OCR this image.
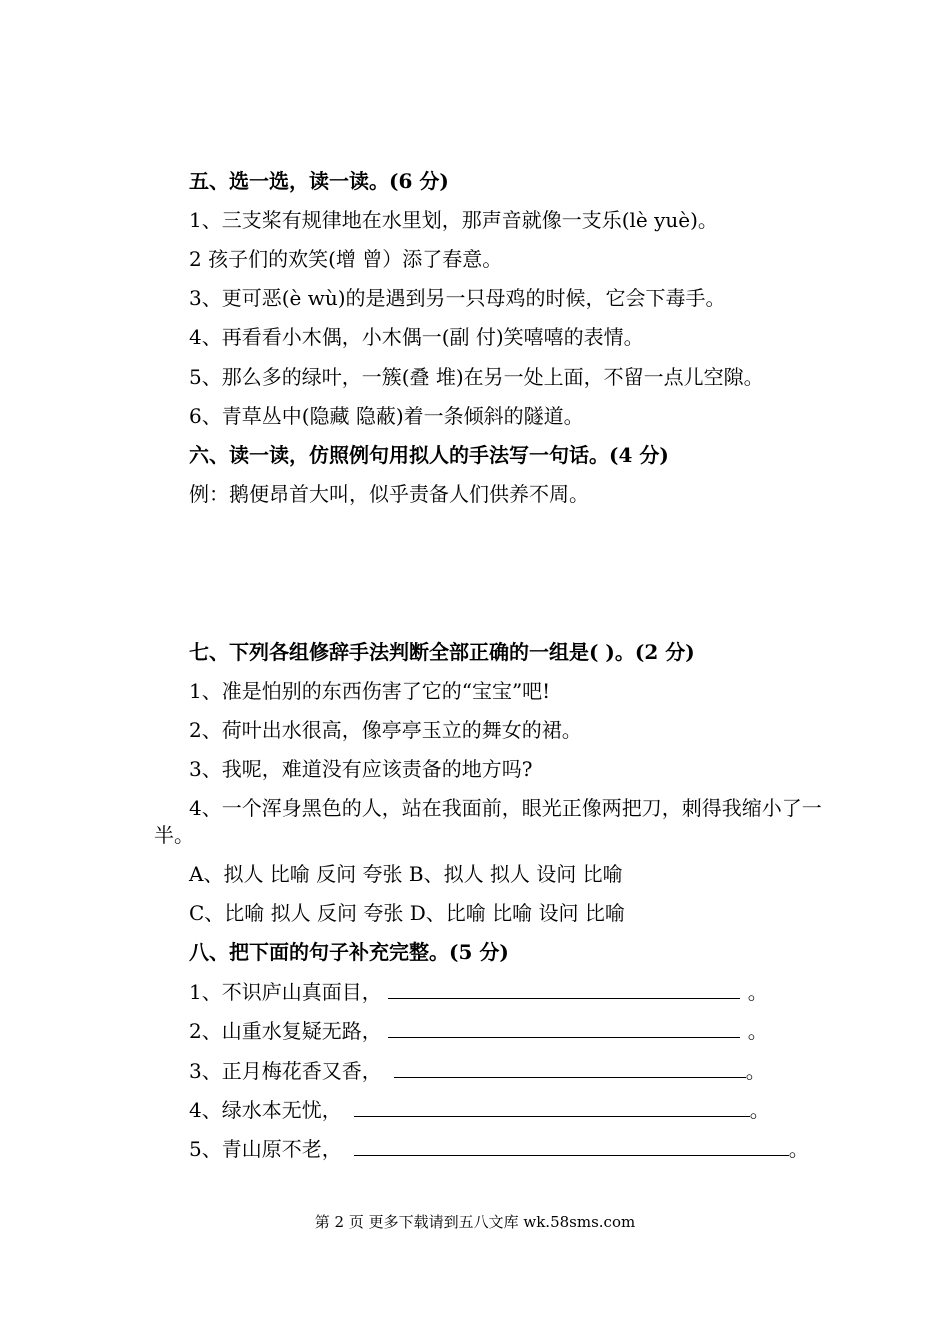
五、选一选，读一读。(6 分)
1、三支桨有规律地在水里划，那声音就像一支乐(lè yuè)。
2 孩子们的欢笑(增 曾）添了春意。
3、更可恶(è wù)的是遇到另一只母鸡的时候，它会下毒手。
4、再看看小木偶，小木偶一(副 付)笑嘻嘻的表情。
5、那么多的绿叶，一簇(叠 堆)在另一处上面，不留一点儿空隙。
6、青草丛中(隐藏 隐蔽)着一条倾斜的隧道。
六、读一读，仿照例句用拟人的手法写一句话。(4 分)
例：鹅便昂首大叫，似乎责备人们供养不周。
七、下列各组修辞手法判断全部正确的一组是( )。(2 分)
1、准是怕别的东西伤害了它的“宝宝”吧!
2、荷叶出水很高，像亭亭玉立的舞女的裙。
3、我呢，难道没有应该责备的地方吗?
4、一个浑身黑色的人，站在我面前，眼光正像两把刀，刺得我缩小了一半。
A、拟人 比喻 反问 夸张 B、拟人 拟人 设问 比喻
C、比喻 拟人 反问 夸张 D、比喻 比喻 设问 比喻
八、把下面的句子补充完整。(5 分)
1、不识庐山真面目，	。
2、山重水复疑无路，	。
3、正月梅花香又香，	。
4、绿水本无忧，	。
5、青山原不老，	。
第 2 页 更多下载请到五八文库 wk.58sms.com
